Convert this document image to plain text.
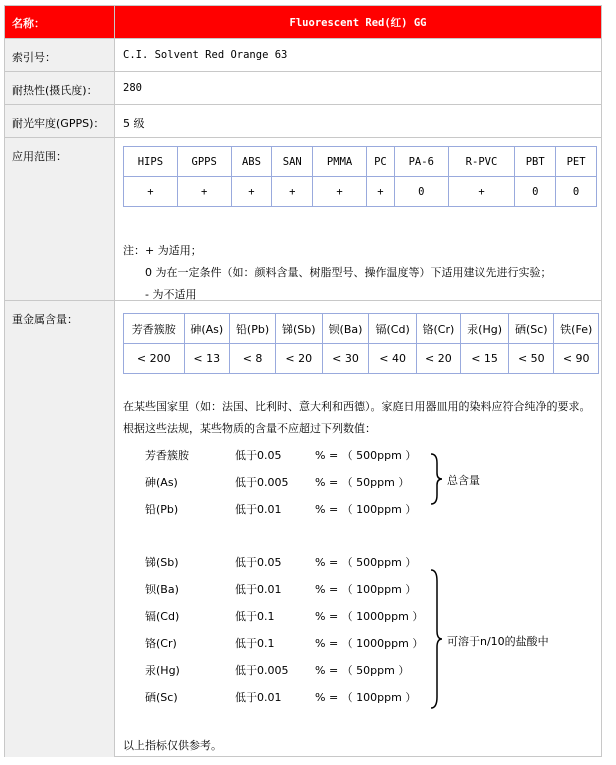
名称：	Fluorescent Red(红) GG
索引号：	C.I. Solvent Red Orange 63
耐热性(摄氏度)：	280
耐光牢度(GPPS)：	5 级
应用范围：	HIPS	GPPS	ABS	SAN	PMMA	PC	PA-6	R-PVC	PBT	PET
+	+	+	+	+	+	0	+	0	0
注：+ 为适用；
0 为在一定条件（如：颜料含量、树脂型号、操作温度等）下适用建议先进行实验；
- 为不适用
重金属含量：
芳香簇胺	砷(As)	铅(Pb)	锑(Sb)	钡(Ba)	镉(Cd)	铬(Cr)	汞(Hg)	硒(Sc)	铁(Fe)
< 200	< 13	< 8	< 20	< 30	< 40	< 20	< 15	< 50	< 90
在某些国家里（如：法国、比利时、意大利和西德）。家庭日用器皿用的染料应符合纯净的要求。根据这些法规，某些物质的含量不应超过下列数值：
芳香簇胺	低于0.05	% = （ 500ppm ）
砷(As)	低于0.005 % = （ 50ppm ）
铅(Pb)	低于0.01	% = （ 100ppm ）
总含量
锑(Sb)	低于0.05	% = （ 500ppm ）
钡(Ba)	低于0.01	% = （ 100ppm ）
镉(Cd)	低于0.1	% = （ 1000ppm ）
铬(Cr)	低于0.1	% = （ 1000ppm ）
汞(Hg)	低于0.005 % = （ 50ppm ）
硒(Sc)	低于0.01	% = （ 100ppm ）
可溶于n/10的盐酸中
以上指标仅供参考。
